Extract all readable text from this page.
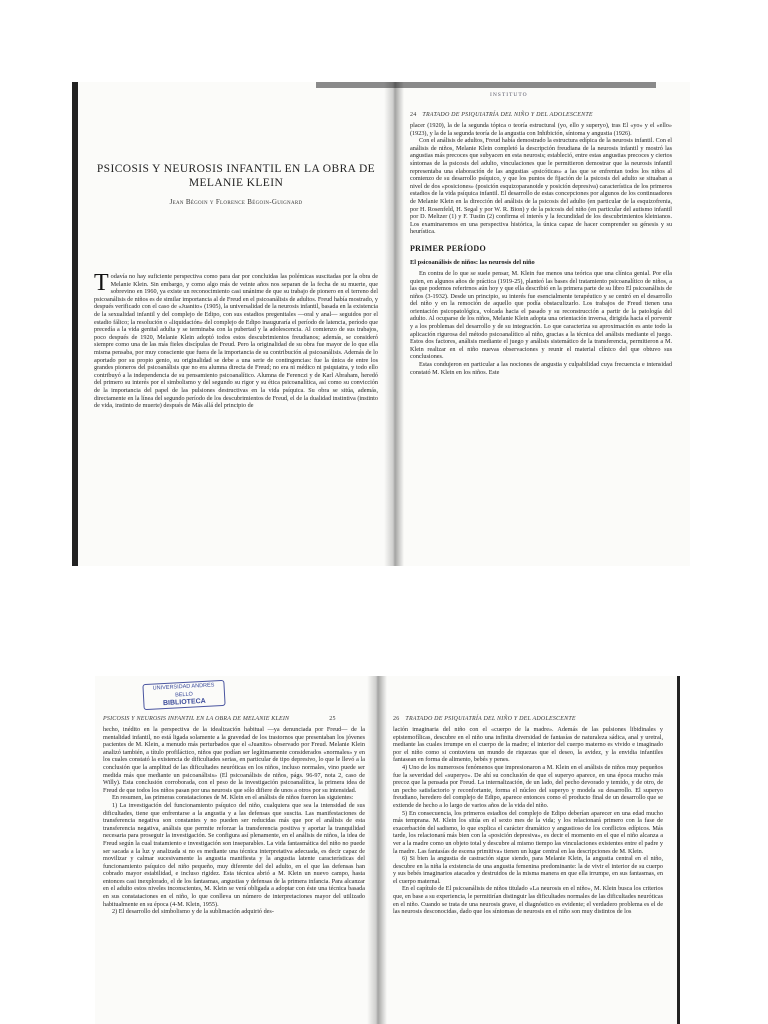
PSICOSIS Y NEUROSIS INFANTIL EN LA OBRA DE MELANIE KLEIN

Jean Bégoin y Florence Bégoin-Guignard

Todavía no hay suficiente perspectiva como para dar por concluidas las polémicas suscitadas por la obra de Melanie Klein. Sin embargo, y como algo más de veinte años nos separan de la fecha de su muerte, que sobrevino en 1960, ya existe un reconocimiento casi unánime de que su trabajo de pionero en el terreno del psicoanálisis de niños es de similar importancia al de Freud en el psicoanálisis de adultos. Freud había mostrado, y después verificado con el caso de «Juanito» (1905), la universalidad de la neurosis infantil, basada en la existencia de la sexualidad infantil y del complejo de Edipo, con sus estadios pregenitales —oral y anal— seguidos por el estadio fálico; la resolución o «liquidación» del complejo de Edipo inauguraría el período de latencia, período que precedía a la vida genital adulta y se terminaba con la pubertad y la adolescencia. Al comienzo de sus trabajos, poco después de 1920, Melanie Klein adoptó todos estos descubrimientos freudianos; además, se consideró siempre como una de las más fieles discípulas de Freud. Pero la originalidad de su obra fue mayor de lo que ella misma pensaba, por muy consciente que fuera de la importancia de su contribución al psicoanálisis. Además de lo aportado por su propio genio, su originalidad se debe a una serie de contingencias: fue la única de entre los grandes pioneros del psicoanálisis que no era alumna directa de Freud; no era ni médico ni psiquiatra, y todo ello contribuyó a la independencia de su pensamiento psicoanalítico. Alumna de Ferenczi y de Karl Abraham, heredó del primero su interés por el simbolismo y del segundo su rigor y su ética psicoanalítica, así como su convicción de la importancia del papel de las pulsiones destructivas en la vida psíquica. Su obra se sitúa, además, directamente en la línea del segundo período de los descubrimientos de Freud, el de la dualidad instintiva (instinto de vida, instinto de muerte) después de Más allá del principio de

INSTITUTO
24 TRATADO DE PSIQUIATRÍA DEL NIÑO Y DEL ADOLESCENTE

placer (1920), la de la segunda tópica o teoría estructural (yo, ello y superyo), tras El «yo» y el «ello» (1923), y la de la segunda teoría de la angustia con Inhibición, síntoma y angustia (1926).

Con el análisis de adultos, Freud había demostrado la estructura edípica de la neurosis infantil. Con el análisis de niños, Melanie Klein completó la descripción freudiana de la neurosis infantil y mostró las angustias más precoces que subyacen en esta neurosis; estableció, entre estas angustias precoces y ciertos síntomas de la psicosis del adulto, vinculaciones que le permitieron demostrar que la neurosis infantil representaba una elaboración de las angustias «psicóticas» a las que se enfrentan todos los niños al comienzo de su desarrollo psíquico, y que los puntos de fijación de la psicosis del adulto se situaban a nivel de dos «posiciones» (posición esquizoparanoide y posición depresiva) característica de los primeros estadios de la vida psíquica infantil. El desarrollo de estas concepciones por algunos de los continuadores de Melanie Klein en la dirección del análisis de la psicosis del adulto (en particular de la esquizofrenia, por H. Rosenfeld, H. Segal y por W. R. Bion) y de la psicosis del niño (en particular del autismo infantil por D. Meltzer (1) y F. Tustin (2) confirma el interés y la fecundidad de los descubrimientos kleinianos. Los examinaremos en una perspectiva histórica, la única capaz de hacer comprender su génesis y su heurística.

PRIMER PERÍODO

El psicoanálisis de niños: las neurosis del niño

En contra de lo que se suele pensar, M. Klein fue menos una teórica que una clínica genial. Por ella quien, en algunos años de práctica (1919-25), planteó las bases del tratamiento psicoanalítico de niños, a las que podemos referirnos aún hoy y que ella describió en la primera parte de su libro El psicoanálisis de niños (3-1932). Desde un principio, su interés fue esencialmente terapéutico y se centró en el desarrollo del niño y en la remoción de aquello que podía obstaculizarlo. Los trabajos de Freud tienen una orientación psicopatológica, volcada hacia el pasado y su reconstrucción a partir de la patología del adulto. Al ocuparse de los niños, Melanie Klein adopta una orientación inversa, dirigida hacia el porvenir y a los problemas del desarrollo y de su integración. Lo que caracteriza su aproximación es ante todo la aplicación rigurosa del método psicoanalítico al niño, gracias a la técnica del análisis mediante el juego. Estos dos factores, análisis mediante el juego y análisis sistemático de la transferencia, permitieron a M. Klein realizar en el niño nuevas observaciones y reunir el material clínico del que obtuvo sus conclusiones.

Estas condujeron en particular a las nociones de angustia y culpabilidad cuya frecuencia e intensidad constató M. Klein en los niños. Este

UNIVERSIDAD ANDRES BELLO
BIBLIOTECA
PSICOSIS Y NEUROSIS INFANTIL EN LA OBRA DE MELANIE KLEIN	25

hecho, inédito en la perspectiva de la idealización habitual —ya denunciada por Freud— de la mentalidad infantil, no está ligada solamente a la gravedad de los trastornos que presentaban los jóvenes pacientes de M. Klein, a menudo más perturbados que el «Juanito» observado por Freud. Melanie Klein analizó también, a título profiláctico, niños que podían ser legítimamente considerados «normales» y en los cuales constató la existencia de dificultades serias, en particular de tipo depresivo, lo que le llevó a la conclusión que la amplitud de las dificultades neuróticas en los niños, incluso normales, vino puede ser medida más que mediante un psicoanálisis» (El psicoanálisis de niños, págs. 96-97, nota 2, caso de Willy). Esta conclusión corroborada, con el peso de la investigación psicoanalítica, la primera idea de Freud de que todos los niños pasan por una neurosis que sólo difiere de unos a otros por su intensidad.

En resumen, las primeras constataciones de M. Klein en el análisis de niños fueron las siguientes:

1) La investigación del funcionamiento psíquico del niño, cualquiera que sea la intensidad de sus dificultades, tiene que enfrentarse a la angustia y a las defensas que suscita. Las manifestaciones de transferencia negativa son constantes y no pueden ser reducidas más que por el análisis de esta transferencia negativa, análisis que permite reforzar la transferencia positiva y aportar la tranquilidad necesaria para proseguir la investigación. Se configura así plenamente, en el análisis de niños, la idea de Freud según la cual tratamiento e investigación son inseparables. La vida fantasmática del niño no puede ser sacada a la luz y analizada si no es mediante una técnica interpretativa adecuada, es decir capaz de movilizar y calmar sucesivamente la angustia manifiesta y la angustia latente características del funcionamiento psíquico del niño pequeño, muy diferente del del adulto, en el que las defensas han cobrado mayor estabilidad, e incluso rigidez. Esta técnica abrió a M. Klein un nuevo campo, hasta entonces casi inexplorado, el de los fantasmas, angustias y defensas de la primera infancia. Para alcanzar en el adulto estos niveles inconscientes, M. Klein se verá obligada a adoptar con éste una técnica basada en sus constataciones en el niño, lo que conlleva un número de interpretaciones mayor del utilizado habitualmente en su época (4-M. Klein, 1955).

2) El desarrollo del simbolismo y de la sublimación adquirió des-

26 TRATADO DE PSIQUIATRÍA DEL NIÑO Y DEL ADOLESCENTE

lación imaginaria del niño con el «cuerpo de la madre». Además de las pulsiones libidinales y epistemofílicas, descubre en el niño una infinita diversidad de fantasías de naturaleza sádica, anal y uretral, mediante las cuales irrumpe en el cuerpo de la madre; el interior del cuerpo materno es vivido e imaginado por el niño como si contuviera un mundo de riquezas que el deseo, la avidez, y la envidia infantiles fantasean en forma de alimento, bebés y penes.

4) Uno de los numerosos fenómenos que impresionaron a M. Klein en el análisis de niños muy pequeños fue la severidad del «superyo». De ahí su conclusión de que el superyo aparece, en una época mucho más precoz que la pensada por Freud. La internalización, de un lado, del pecho devorado y temido, y de otro, de un pecho satisfactorio y reconfortante, forma el núcleo del superyo y modela su desarrollo. El superyo freudiano, heredero del complejo de Edipo, aparece entonces como el producto final de un desarrollo que se extiende de hecho a lo largo de varios años de la vida del niño.

5) En consecuencia, los primeros estadios del complejo de Edipo deberían aparecer en una edad mucho más temprana. M. Klein los sitúa en el sexto mes de la vida; y los relacionará primero con la fase de exacerbación del sadismo, lo que explica el carácter dramático y angustioso de los conflictos edípicos. Más tarde, los relacionará más bien con la «posición depresiva», es decir el momento en el que el niño alcanza a ver a la madre como un objeto total y descubre al mismo tiempo las vinculaciones existentes entre el padre y la madre. Las fantasías de escena primitiva» tienen un lugar central en las descripciones de M. Klein.

6) Si bien la angustia de castración sigue siendo, para Melanie Klein, la angustia central en el niño, descubre en la niña la existencia de una angustia femenina predominante: la de vivir el interior de su cuerpo y sus bebés imaginarios atacados y destruidos de la misma manera en que ella irrumpe, en sus fantasmas, en el cuerpo maternal.

En el capítulo de El psicoanálisis de niños titulado «La neurosis en el niño», M. Klein busca los criterios que, en base a su experiencia, le permitirían distinguir las dificultades normales de las dificultades neuróticas en el niño. Cuando se trata de una neurosis grave, el diagnóstico es evidente; el verdadero problema es el de las neurosis desconocidas, dado que los síntomas de neurosis en el niño son muy distintos de los
